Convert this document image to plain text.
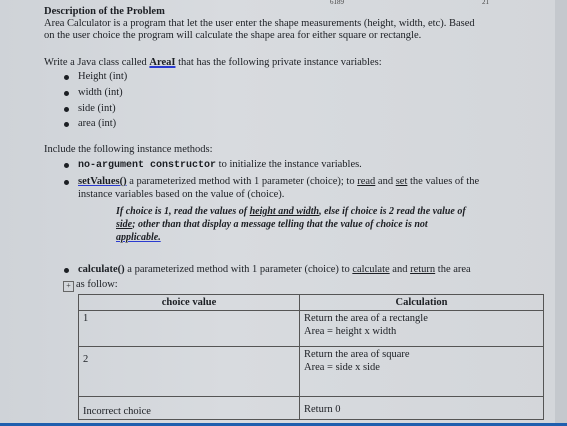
6189	21
Description of the Problem
Area Calculator is a program that let the user enter the shape measurements (height, width, etc). Based
on the user choice the program will calculate the shape area for either square or rectangle.
Write a Java class called AreaI that has the following private instance variables:
Height (int)
width (int)
side (int)
area (int)
Include the following instance methods:
no-argument constructor to initialize the instance variables.
setValues() a parameterized method with 1 parameter (choice); to read and set the values of the
instance variables based on the value of (choice).
If choice is 1, read the values of height and width, else if choice is 2 read the value of
side; other than that display a message telling that the value of choice is not
applicable.
calculate() a parameterized method with 1 parameter (choice) to calculate and return the area
+ as follow:
choice value	Calculation
1	Return the area of a rectangle
Area = height x width

2	Return the area of square
Area = side x side

Incorrect choice	Return 0
